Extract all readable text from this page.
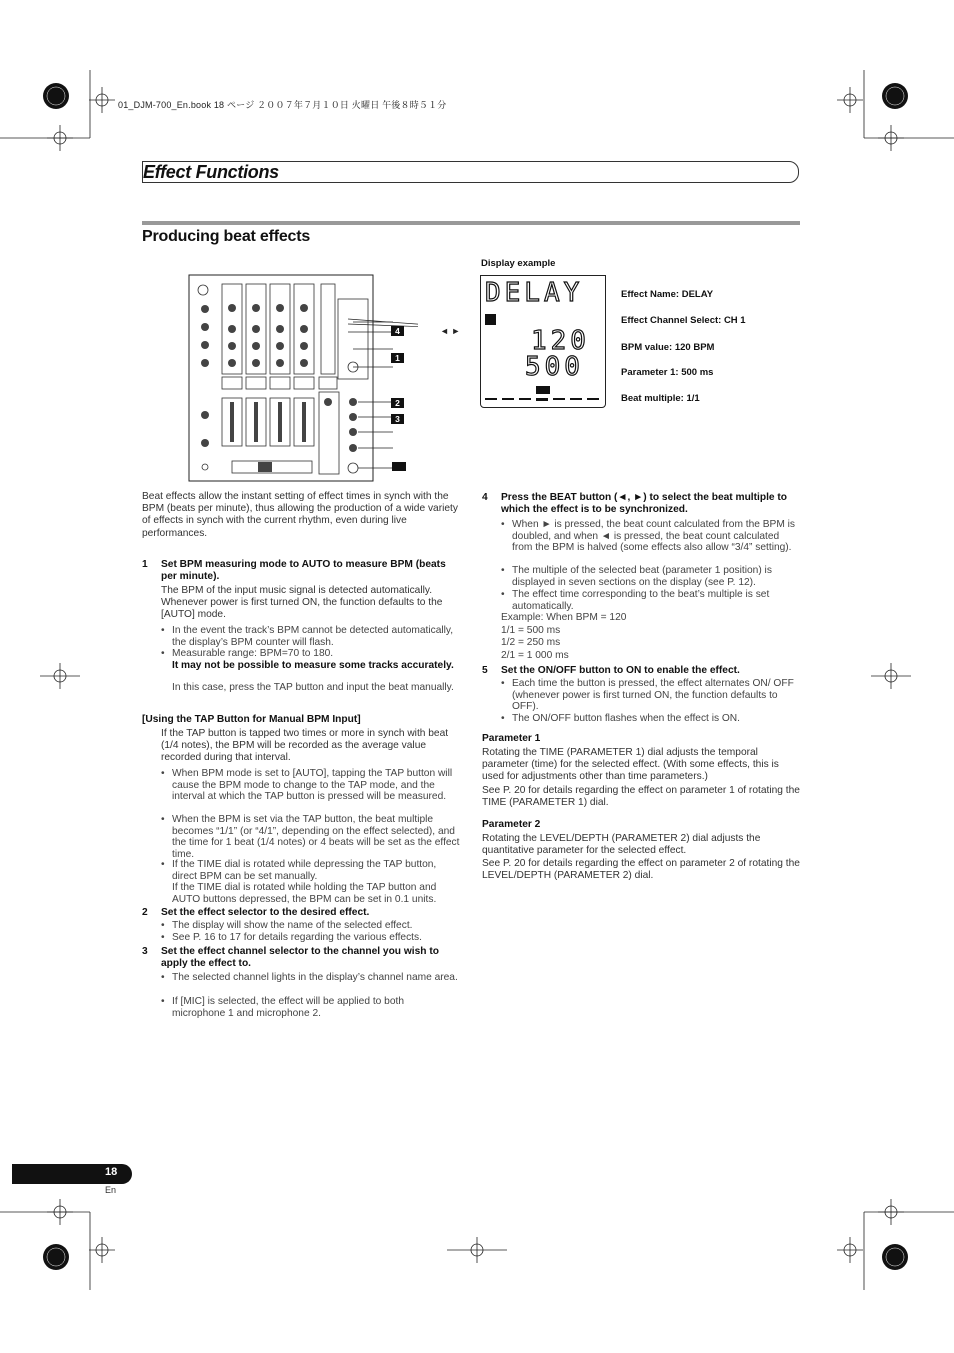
01_DJM-700_En.book 18 ページ ２００７年７月１０日 火曜日 午後８時５１分
Effect Functions
Producing beat effects
4
1
2
3
◄ ►
Display example
DELAY
120
500
Effect Name: DELAY
Effect Channel Select: CH 1
BPM value: 120 BPM
Parameter 1: 500 ms
Beat multiple: 1/1
Beat effects allow the instant setting of effect times in synch with the BPM (beats per minute), thus allowing the production of a wide variety of effects in synch with the current rhythm, even during live performances.
1 Set BPM measuring mode to AUTO to measure BPM (beats per minute).
The BPM of the input music signal is detected automatically. Whenever power is first turned ON, the function defaults to the [AUTO] mode.
• In the event the track’s BPM cannot be detected automatically, the display’s BPM counter will flash.
• Measurable range: BPM=70 to 180.
It may not be possible to measure some tracks accurately.
In this case, press the TAP button and input the beat manually.
[Using the TAP Button for Manual BPM Input]
If the TAP button is tapped two times or more in synch with beat (1/4 notes), the BPM will be recorded as the average value recorded during that interval.
• When BPM mode is set to [AUTO], tapping the TAP button will cause the BPM mode to change to the TAP mode, and the interval at which the TAP button is pressed will be measured.
• When the BPM is set via the TAP button, the beat multiple becomes “1/1” (or “4/1”, depending on the effect selected), and the time for 1 beat (1/4 notes) or 4 beats will be set as the effect time.
• If the TIME dial is rotated while depressing the TAP button, direct BPM can be set manually.
If the TIME dial is rotated while holding the TAP button and AUTO buttons depressed, the BPM can be set in 0.1 units.
2 Set the effect selector to the desired effect.
• The display will show the name of the selected effect.
• See P. 16 to 17 for details regarding the various effects.
3 Set the effect channel selector to the channel you wish to apply the effect to.
• The selected channel lights in the display’s channel name area.
• If [MIC] is selected, the effect will be applied to both microphone 1 and microphone 2.
4 Press the BEAT button (◄, ►) to select the beat multiple to which the effect is to be synchronized.
• When ► is pressed, the beat count calculated from the BPM is doubled, and when ◄ is pressed, the beat count calculated from the BPM is halved (some effects also allow “3/4” setting).
• The multiple of the selected beat (parameter 1 position) is displayed in seven sections on the display (see P. 12).
• The effect time corresponding to the beat’s multiple is set automatically.
Example: When BPM = 120
1/1 = 500 ms
1/2 = 250 ms
2/1 = 1 000 ms
5 Set the ON/OFF button to ON to enable the effect.
• Each time the button is pressed, the effect alternates ON/ OFF (whenever power is first turned ON, the function defaults to OFF).
• The ON/OFF button flashes when the effect is ON.
Parameter 1
Rotating the TIME (PARAMETER 1) dial adjusts the temporal parameter (time) for the selected effect. (With some effects, this is used for adjustments other than time parameters.)
See P. 20 for details regarding the effect on parameter 1 of rotating the TIME (PARAMETER 1) dial.
Parameter 2
Rotating the LEVEL/DEPTH (PARAMETER 2) dial adjusts the quantitative parameter for the selected effect.
See P. 20 for details regarding the effect on parameter 2 of rotating the LEVEL/DEPTH (PARAMETER 2) dial.
18
En
